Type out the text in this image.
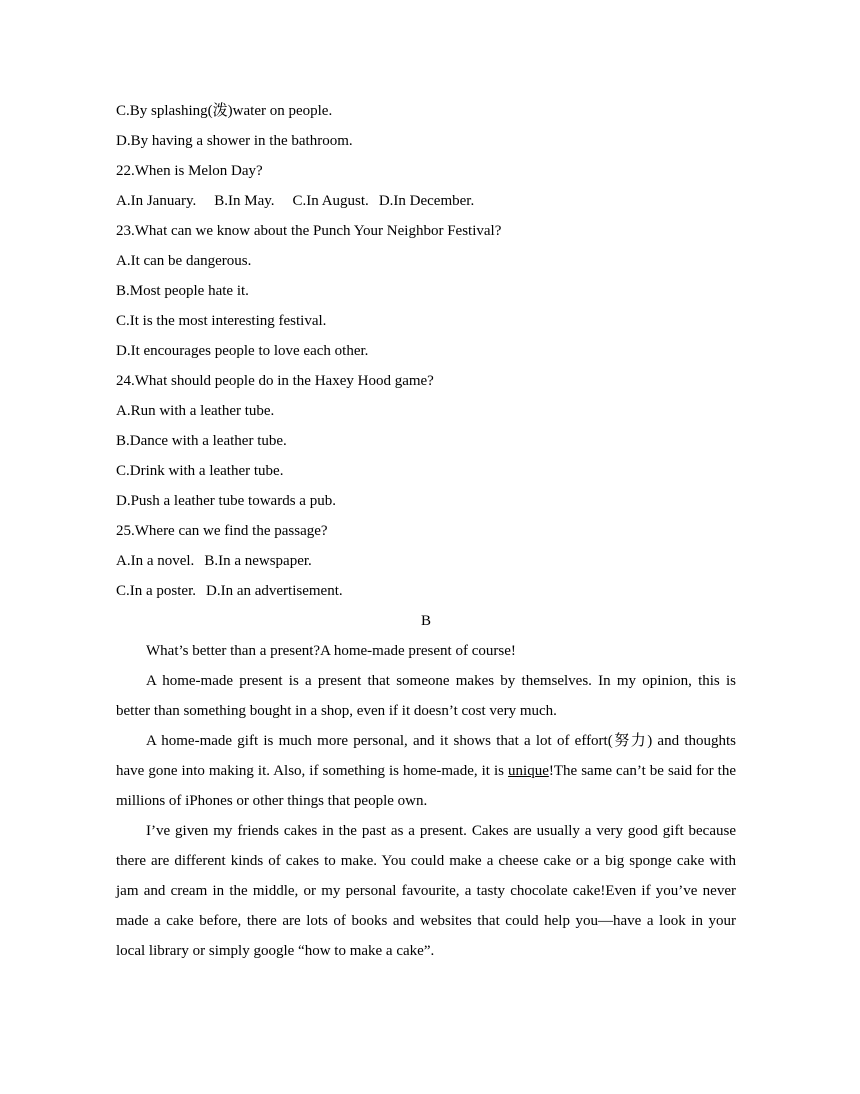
C.By splashing(泼)water on people.
D.By having a shower in the bathroom.
22.When is Melon Day?
A.In January. B.In May. C.In August. D.In December.
23.What can we know about the Punch Your Neighbor Festival?
A.It can be dangerous.
B.Most people hate it.
C.It is the most interesting festival.
D.It encourages people to love each other.
24.What should people do in the Haxey Hood game?
A.Run with a leather tube.
B.Dance with a leather tube.
C.Drink with a leather tube.
D.Push a leather tube towards a pub.
25.Where can we find the passage?
A.In a novel. B.In a newspaper.
C.In a poster. D.In an advertisement.
B

What’s better than a present?A home-made present of course!

A home-made present is a present that someone makes by themselves. In my opinion, this is better than something bought in a shop, even if it doesn’t cost very much.

A home-made gift is much more personal, and it shows that a lot of effort(努力) and thoughts have gone into making it. Also, if something is home-made, it is unique!The same can’t be said for the millions of iPhones or other things that people own.

I’ve given my friends cakes in the past as a present. Cakes are usually a very good gift because there are different kinds of cakes to make. You could make a cheese cake or a big sponge cake with jam and cream in the middle, or my personal favourite, a tasty chocolate cake!Even if you’ve never made a cake before, there are lots of books and websites that could help you—have a look in your local library or simply google “how to make a cake”.
